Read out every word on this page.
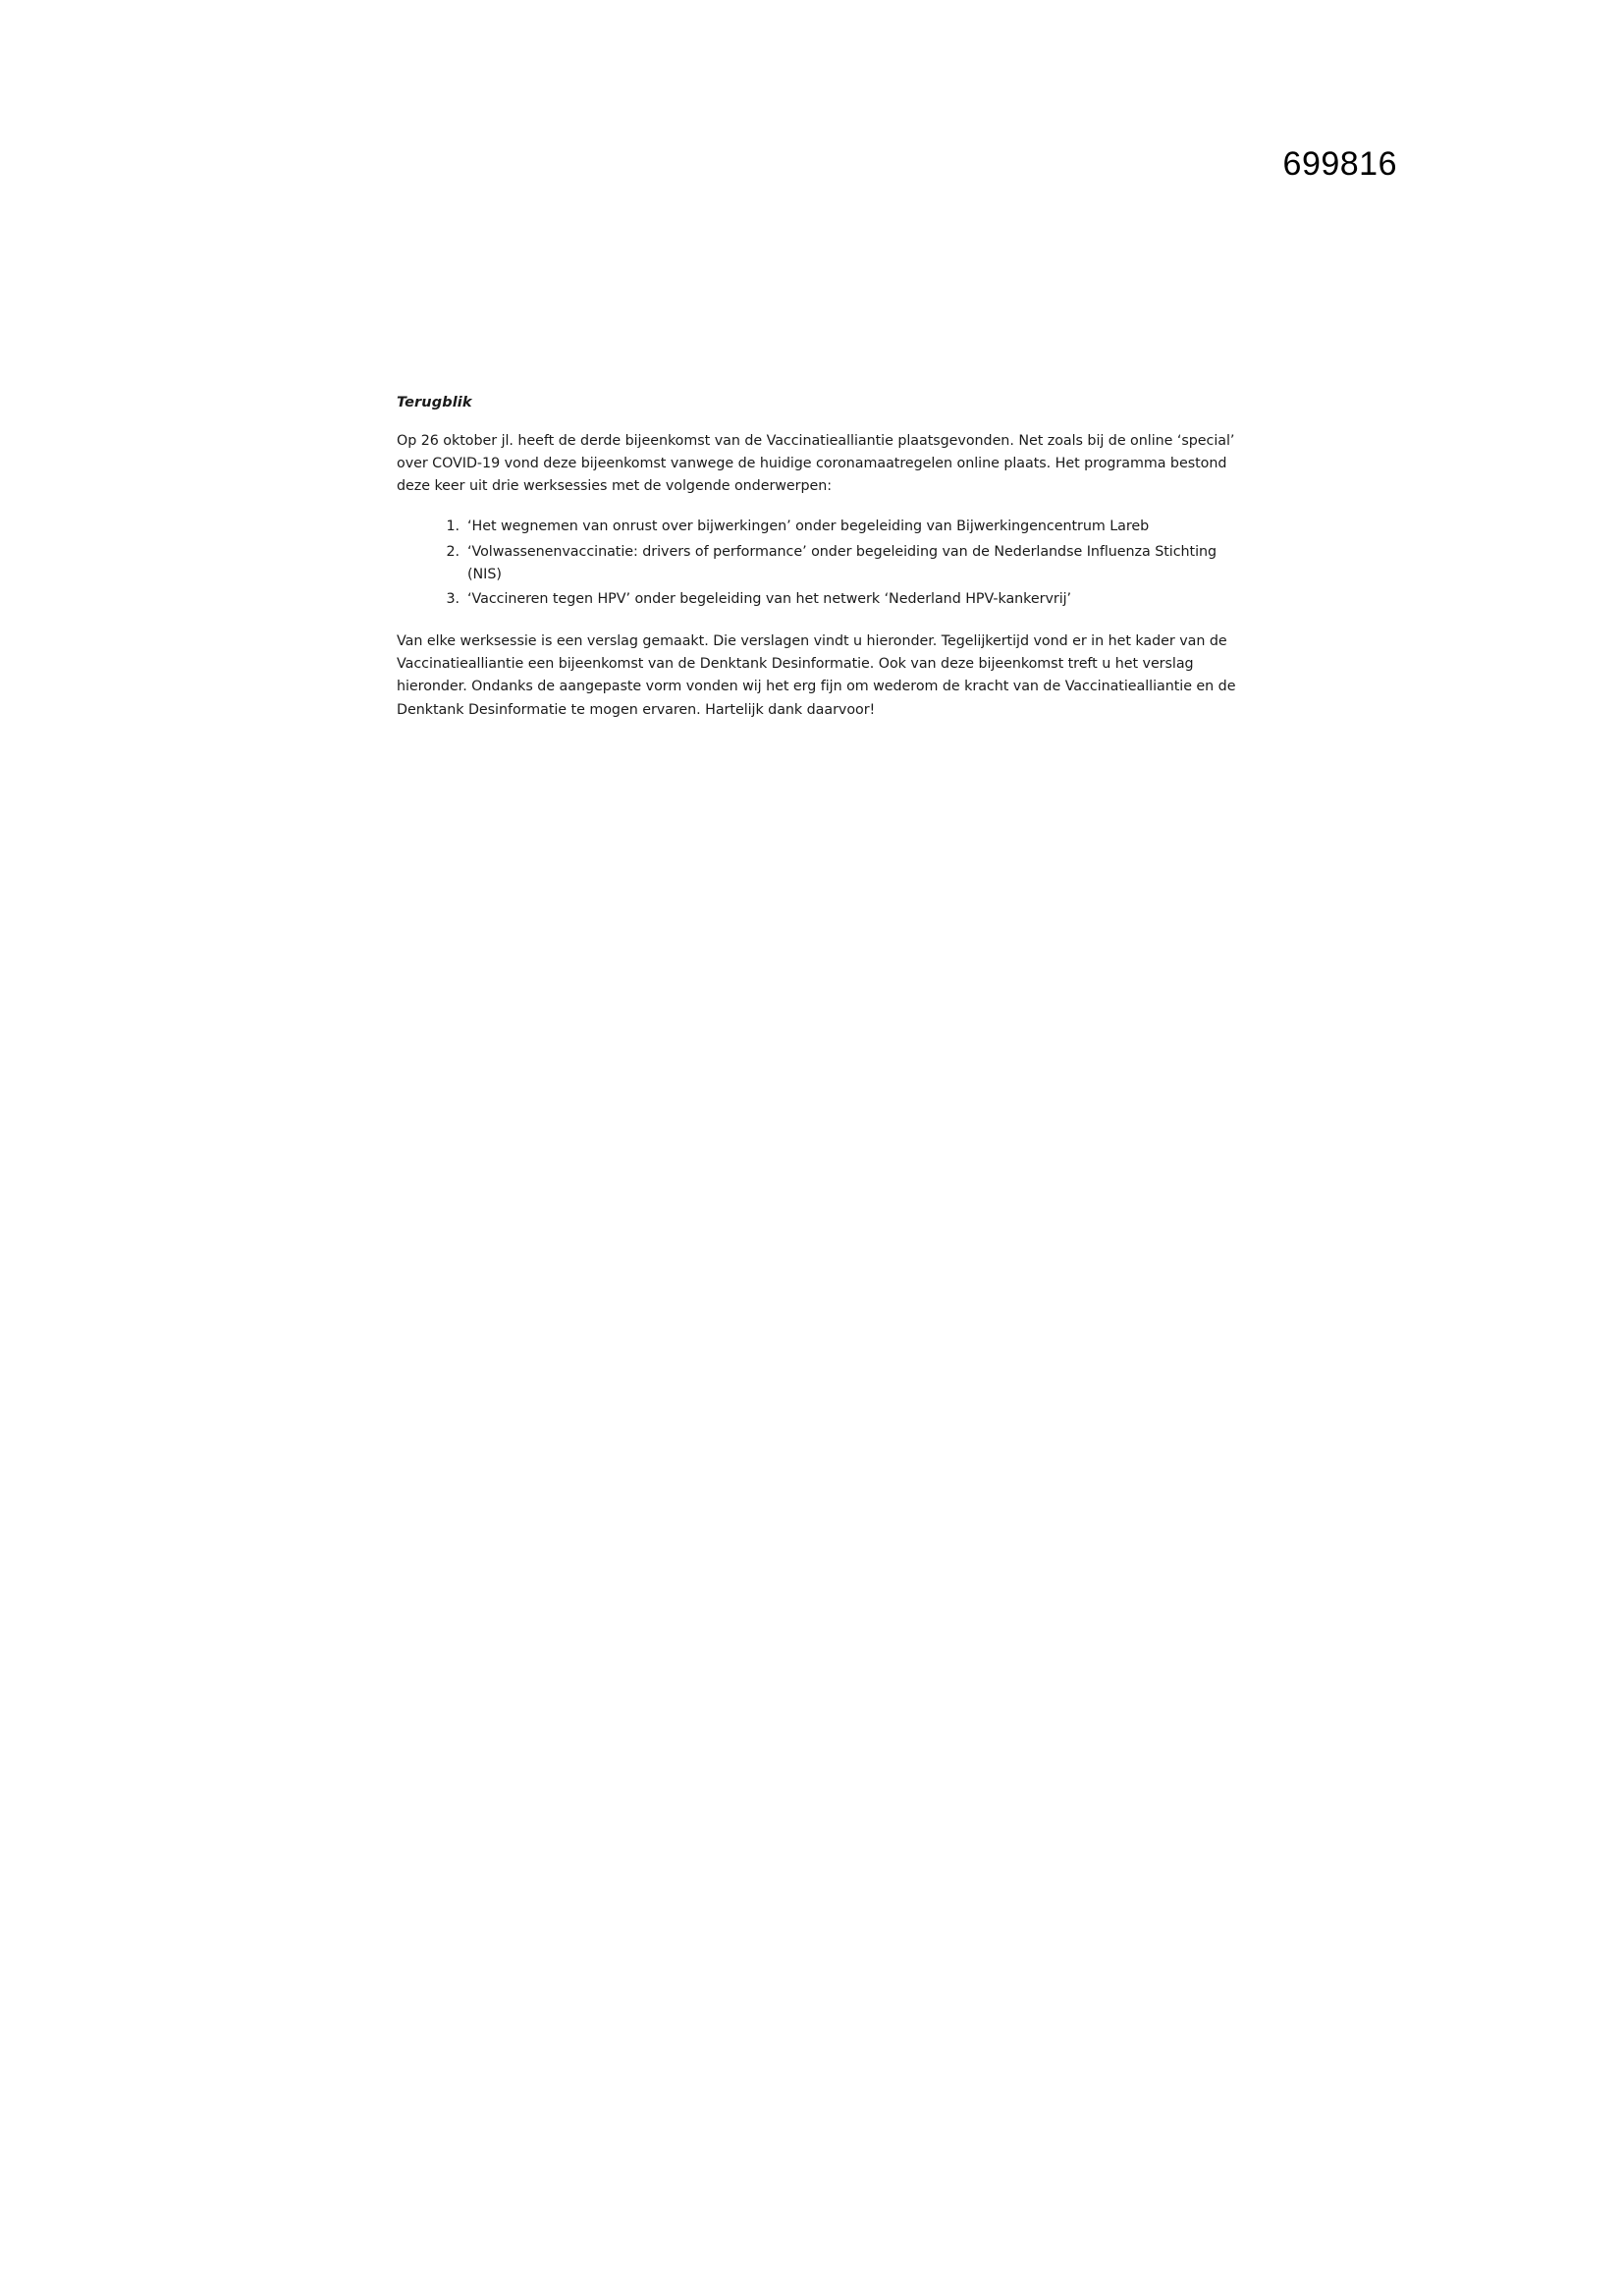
699816
Terugblik

Op 26 oktober jl. heeft de derde bijeenkomst van de Vaccinatiealliantie plaatsgevonden. Net zoals bij de online ‘special’ over COVID-19 vond deze bijeenkomst vanwege de huidige coronamaatregelen online plaats. Het programma bestond deze keer uit drie werksessies met de volgende onderwerpen:

1. ‘Het wegnemen van onrust over bijwerkingen’ onder begeleiding van Bijwerkingencentrum Lareb
2. ‘Volwassenenvaccinatie: drivers of performance’ onder begeleiding van de Nederlandse Influenza Stichting (NIS)
3. ‘Vaccineren tegen HPV’ onder begeleiding van het netwerk ‘Nederland HPV-kankervrij’

Van elke werksessie is een verslag gemaakt. Die verslagen vindt u hieronder. Tegelijkertijd vond er in het kader van de Vaccinatiealliantie een bijeenkomst van de Denktank Desinformatie. Ook van deze bijeenkomst treft u het verslag hieronder. Ondanks de aangepaste vorm vonden wij het erg fijn om wederom de kracht van de Vaccinatiealliantie en de Denktank Desinformatie te mogen ervaren. Hartelijk dank daarvoor!
